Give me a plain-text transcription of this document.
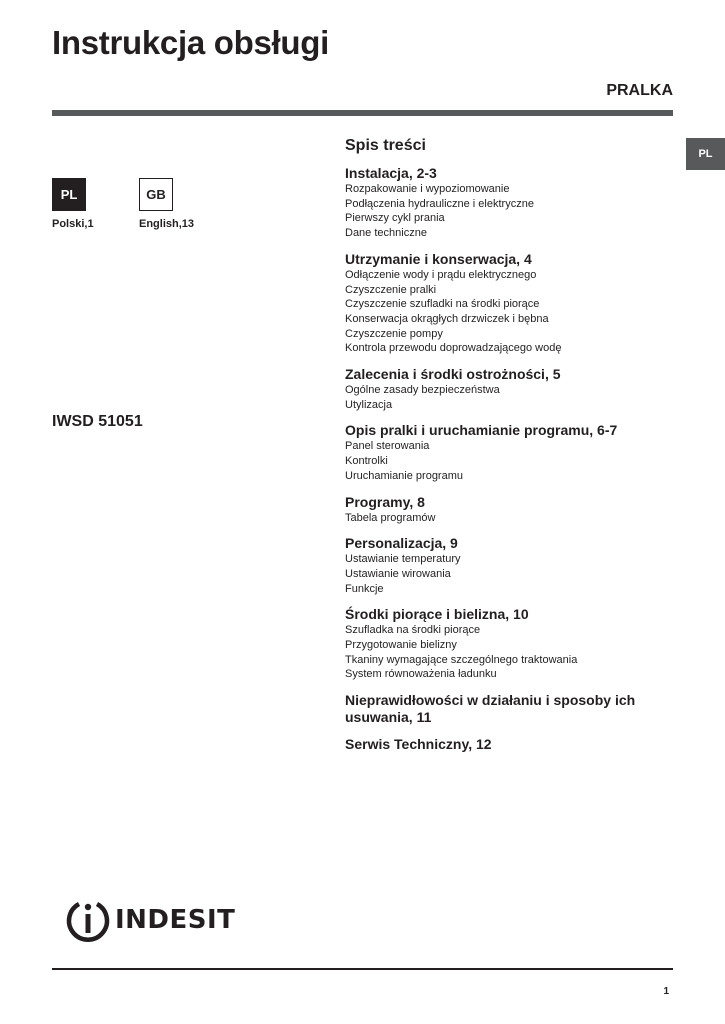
Instrukcja obsługi
PRALKA
PL
PL
Polski,1
GB
English,13
IWSD 51051
Spis treści
Instalacja, 2-3
Rozpakowanie i wypoziomowanie
Podłączenia hydrauliczne i elektryczne
Pierwszy cykl prania
Dane techniczne
Utrzymanie i konserwacja, 4
Odłączenie wody i prądu elektrycznego
Czyszczenie pralki
Czyszczenie szufladki na środki piorące
Konserwacja okrągłych drzwiczek i bębna
Czyszczenie pompy
Kontrola przewodu doprowadzającego wodę
Zalecenia i środki ostrożności, 5
Ogólne zasady bezpieczeństwa
Utylizacja
Opis pralki i uruchamianie programu, 6-7
Panel sterowania
Kontrolki
Uruchamianie programu
Programy, 8
Tabela programów
Personalizacja, 9
Ustawianie temperatury
Ustawianie wirowania
Funkcje
Środki piorące i bielizna, 10
Szufladka na środki piorące
Przygotowanie bielizny
Tkaniny wymagające szczególnego traktowania
System równoważenia ładunku
Nieprawidłowości w działaniu i sposoby ich usuwania, 11
Serwis Techniczny, 12
INDESIT
1
